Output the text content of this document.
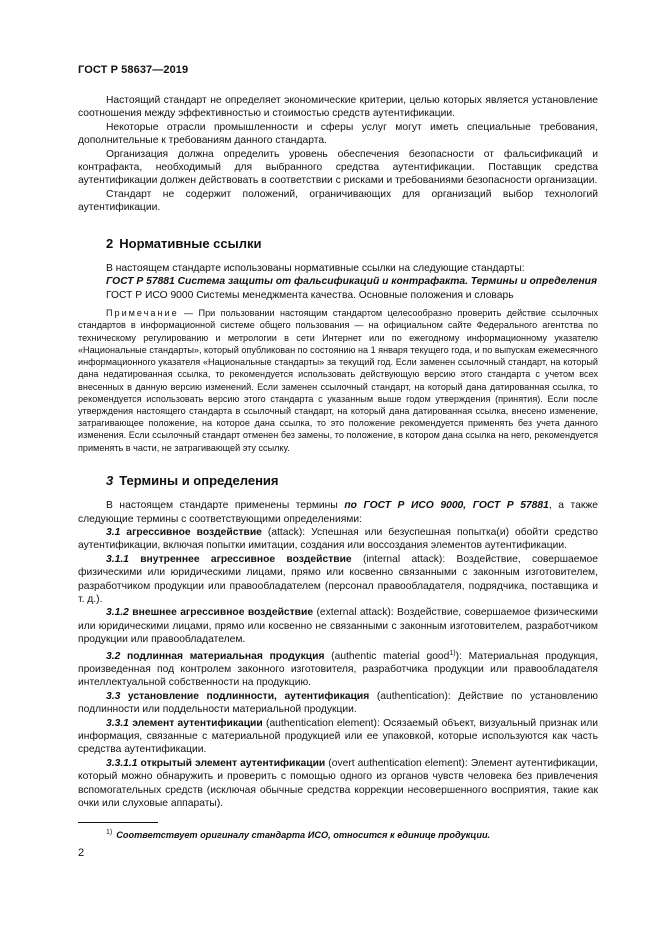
ГОСТ Р 58637—2019

Настоящий стандарт не определяет экономические критерии, целью которых является установление соотношения между эффективностью и стоимостью средств аутентификации.

Некоторые отрасли промышленности и сферы услуг могут иметь специальные требования, дополнительные к требованиям данного стандарта.

Организация должна определить уровень обеспечения безопасности от фальсификаций и контрафакта, необходимый для выбранного средства аутентификации. Поставщик средства аутентификации должен действовать в соответствии с рисками и требованиями безопасности организации.

Стандарт не содержит положений, ограничивающих для организаций выбор технологий аутентификации.

2 Нормативные ссылки

В настоящем стандарте использованы нормативные ссылки на следующие стандарты:

ГОСТ Р 57881 Система защиты от фальсификаций и контрафакта. Термины и определения

ГОСТ Р ИСО 9000 Системы менеджмента качества. Основные положения и словарь

Примечание — При пользовании настоящим стандартом целесообразно проверить действие ссылочных стандартов в информационной системе общего пользования — на официальном сайте Федерального агентства по техническому регулированию и метрологии в сети Интернет или по ежегодному информационному указателю «Национальные стандарты», который опубликован по состоянию на 1 января текущего года, и по выпускам ежемесячного информационного указателя «Национальные стандарты» за текущий год. Если заменен ссылочный стандарт, на который дана недатированная ссылка, то рекомендуется использовать действующую версию этого стандарта с учетом всех внесенных в данную версию изменений. Если заменен ссылочный стандарт, на который дана датированная ссылка, то рекомендуется использовать версию этого стандарта с указанным выше годом утверждения (принятия). Если после утверждения настоящего стандарта в ссылочный стандарт, на который дана датированная ссылка, внесено изменение, затрагивающее положение, на которое дана ссылка, то это положение рекомендуется применять без учета данного изменения. Если ссылочный стандарт отменен без замены, то положение, в котором дана ссылка на него, рекомендуется применять в части, не затрагивающей эту ссылку.

3 Термины и определения

В настоящем стандарте применены термины по ГОСТ Р ИСО 9000, ГОСТ Р 57881, а также следующие термины с соответствующими определениями:

3.1 агрессивное воздействие (attack): Успешная или безуспешная попытка(и) обойти средство аутентификации, включая попытки имитации, создания или воссоздания элементов аутентификации.

3.1.1 внутреннее агрессивное воздействие (internal attack): Воздействие, совершаемое физическими или юридическими лицами, прямо или косвенно связанными с законным изготовителем, разработчиком продукции или правообладателем (персонал правообладателя, подрядчика, поставщика и т. д.).

3.1.2 внешнее агрессивное воздействие (external attack): Воздействие, совершаемое физическими или юридическими лицами, прямо или косвенно не связанными с законным изготовителем, разработчиком продукции или правообладателем.

3.2 подлинная материальная продукция (authentic material good$^{1)}$): Материальная продукция, произведенная под контролем законного изготовителя, разработчика продукции или правообладателя интеллектуальной собственности на продукцию.

3.3 установление подлинности, аутентификация (authentication): Действие по установлению подлинности или поддельности материальной продукции.

3.3.1 элемент аутентификации (authentication element): Осязаемый объект, визуальный признак или информация, связанные с материальной продукцией или ее упаковкой, которые используются как часть средства аутентификации.

3.3.1.1 открытый элемент аутентификации (overt authentication element): Элемент аутентификации, который можно обнаружить и проверить с помощью одного из органов чувств человека без привлечения вспомогательных средств (исключая обычные средства коррекции несовершенного восприятия, такие как очки или слуховые аппараты).

$^{1)}$ Соответствует оригиналу стандарта ИСО, относится к единице продукции.
2
